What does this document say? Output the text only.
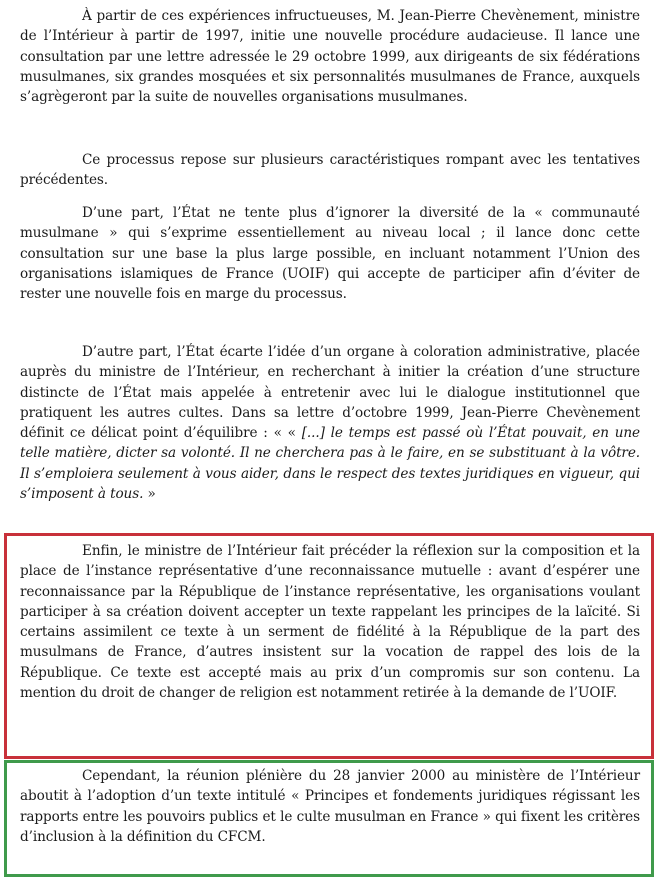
À partir de ces expériences infructueuses, M. Jean-Pierre Chevènement, ministre de l’Intérieur à partir de 1997, initie une nouvelle procédure audacieuse. Il lance une consultation par une lettre adressée le 29 octobre 1999, aux dirigeants de six fédérations musulmanes, six grandes mosquées et six personnalités musulmanes de France, auxquels s’agrègeront par la suite de nouvelles organisations musulmanes.

Ce processus repose sur plusieurs caractéristiques rompant avec les tentatives précédentes.

D’une part, l’État ne tente plus d’ignorer la diversité de la « communauté musulmane » qui s’exprime essentiellement au niveau local ; il lance donc cette consultation sur une base la plus large possible, en incluant notamment l’Union des organisations islamiques de France (UOIF) qui accepte de participer afin d’éviter de rester une nouvelle fois en marge du processus.

D’autre part, l’État écarte l’idée d’un organe à coloration administrative, placée auprès du ministre de l’Intérieur, en recherchant à initier la création d’une structure distincte de l’État mais appelée à entretenir avec lui le dialogue institutionnel que pratiquent les autres cultes. Dans sa lettre d’octobre 1999, Jean-Pierre Chevènement définit ce délicat point d’équilibre : « « [...] le temps est passé où l’État pouvait, en une telle matière, dicter sa volonté. Il ne cherchera pas à le faire, en se substituant à la vôtre. Il s’emploiera seulement à vous aider, dans le respect des textes juridiques en vigueur, qui s’imposent à tous. »

Enfin, le ministre de l’Intérieur fait précéder la réflexion sur la composition et la place de l’instance représentative d’une reconnaissance mutuelle : avant d’espérer une reconnaissance par la République de l’instance représentative, les organisations voulant participer à sa création doivent accepter un texte rappelant les principes de la laïcité. Si certains assimilent ce texte à un serment de fidélité à la République de la part des musulmans de France, d’autres insistent sur la vocation de rappel des lois de la République. Ce texte est accepté mais au prix d’un compromis sur son contenu. La mention du droit de changer de religion est notamment retirée à la demande de l’UOIF.

Cependant, la réunion plénière du 28 janvier 2000 au ministère de l’Intérieur aboutit à l’adoption d’un texte intitulé « Principes et fondements juridiques régissant les rapports entre les pouvoirs publics et le culte musulman en France » qui fixent les critères d’inclusion à la définition du CFCM.
